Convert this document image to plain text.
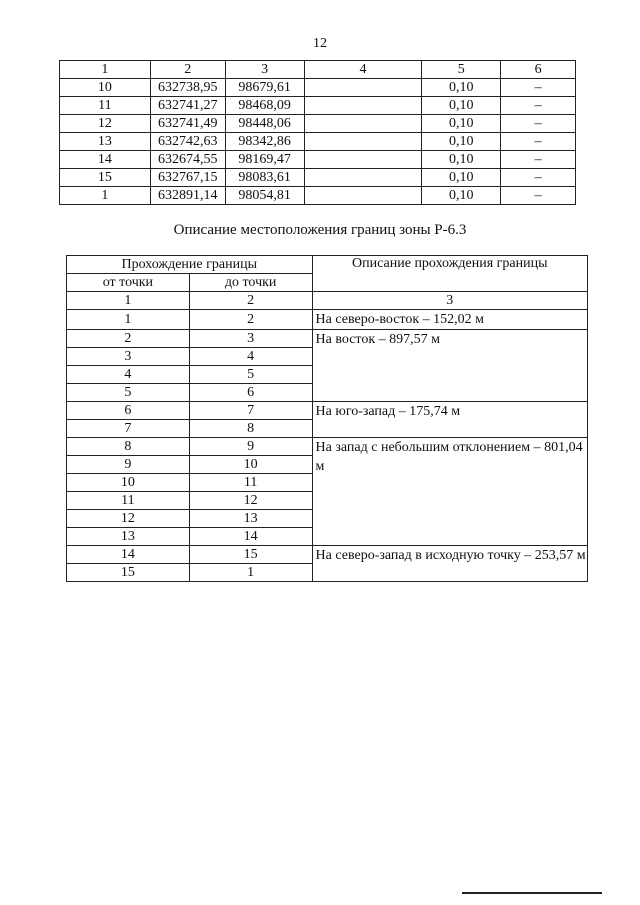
12
1	2	3	4	5	6
10	632738,95	98679,61		0,10	–
11	632741,27	98468,09		0,10	–
12	632741,49	98448,06		0,10	–
13	632742,63	98342,86		0,10	–
14	632674,55	98169,47		0,10	–
15	632767,15	98083,61		0,10	–
1	632891,14	98054,81		0,10	–
Описание местоположения границ зоны Р-6.3
Прохождение границы		Описание прохождения границы
от точки	до точки	
1	2	3
1	2	На северо-восток – 152,02 м
2	3	На восток – 897,57 м
3	4	
4	5	
5	6	
6	7	На юго-запад – 175,74 м
7	8	
8	9	На запад с небольшим отклонением – 801,04 м
9	10	
10	11	
11	12	
12	13	
13	14	
14	15	На северо-запад в исходную точку – 253,57 м
15	1	
